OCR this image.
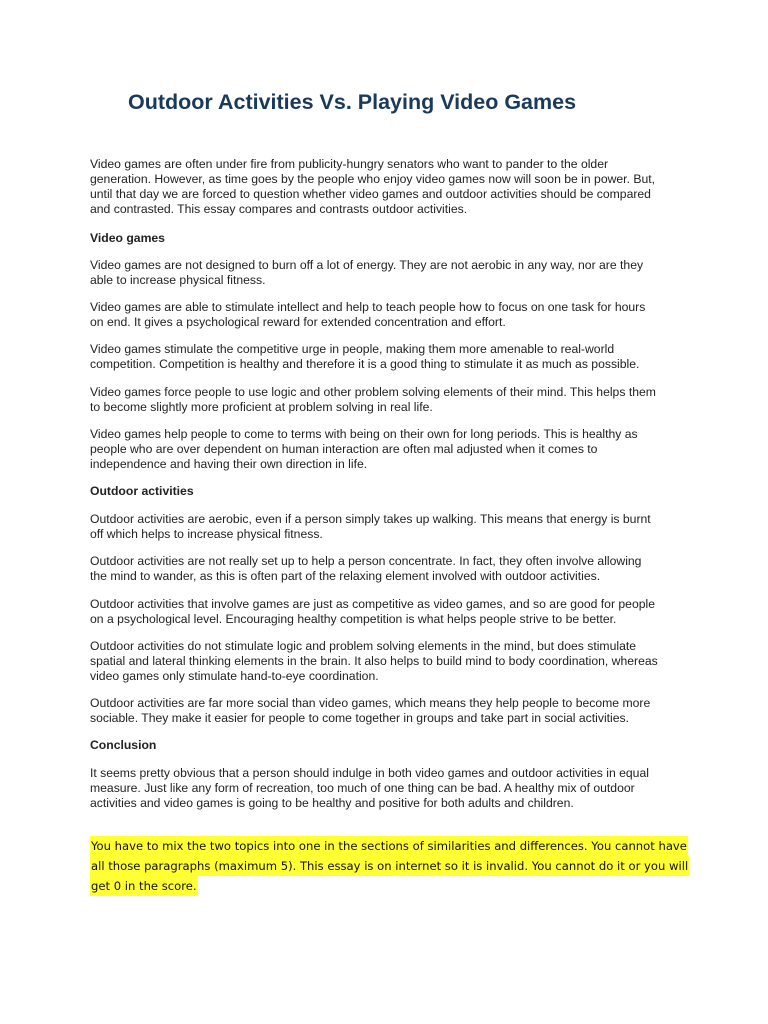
Outdoor Activities Vs. Playing Video Games

Video games are often under fire from publicity-hungry senators who want to pander to the older
generation. However, as time goes by the people who enjoy video games now will soon be in power. But,
until that day we are forced to question whether video games and outdoor activities should be compared
and contrasted. This essay compares and contrasts outdoor activities.

Video games

Video games are not designed to burn off a lot of energy. They are not aerobic in any way, nor are they
able to increase physical fitness.

Video games are able to stimulate intellect and help to teach people how to focus on one task for hours
on end. It gives a psychological reward for extended concentration and effort.

Video games stimulate the competitive urge in people, making them more amenable to real-world
competition. Competition is healthy and therefore it is a good thing to stimulate it as much as possible.

Video games force people to use logic and other problem solving elements of their mind. This helps them
to become slightly more proficient at problem solving in real life.

Video games help people to come to terms with being on their own for long periods. This is healthy as
people who are over dependent on human interaction are often mal adjusted when it comes to
independence and having their own direction in life.

Outdoor activities

Outdoor activities are aerobic, even if a person simply takes up walking. This means that energy is burnt
off which helps to increase physical fitness.

Outdoor activities are not really set up to help a person concentrate. In fact, they often involve allowing
the mind to wander, as this is often part of the relaxing element involved with outdoor activities.

Outdoor activities that involve games are just as competitive as video games, and so are good for people
on a psychological level. Encouraging healthy competition is what helps people strive to be better.

Outdoor activities do not stimulate logic and problem solving elements in the mind, but does stimulate
spatial and lateral thinking elements in the brain. It also helps to build mind to body coordination, whereas
video games only stimulate hand-to-eye coordination.

Outdoor activities are far more social than video games, which means they help people to become more
sociable. They make it easier for people to come together in groups and take part in social activities.

Conclusion

It seems pretty obvious that a person should indulge in both video games and outdoor activities in equal
measure. Just like any form of recreation, too much of one thing can be bad. A healthy mix of outdoor
activities and video games is going to be healthy and positive for both adults and children.

You have to mix the two topics into one in the sections of similarities and differences. You cannot have
all those paragraphs (maximum 5). This essay is on internet so it is invalid. You cannot do it or you will
get 0 in the score.
